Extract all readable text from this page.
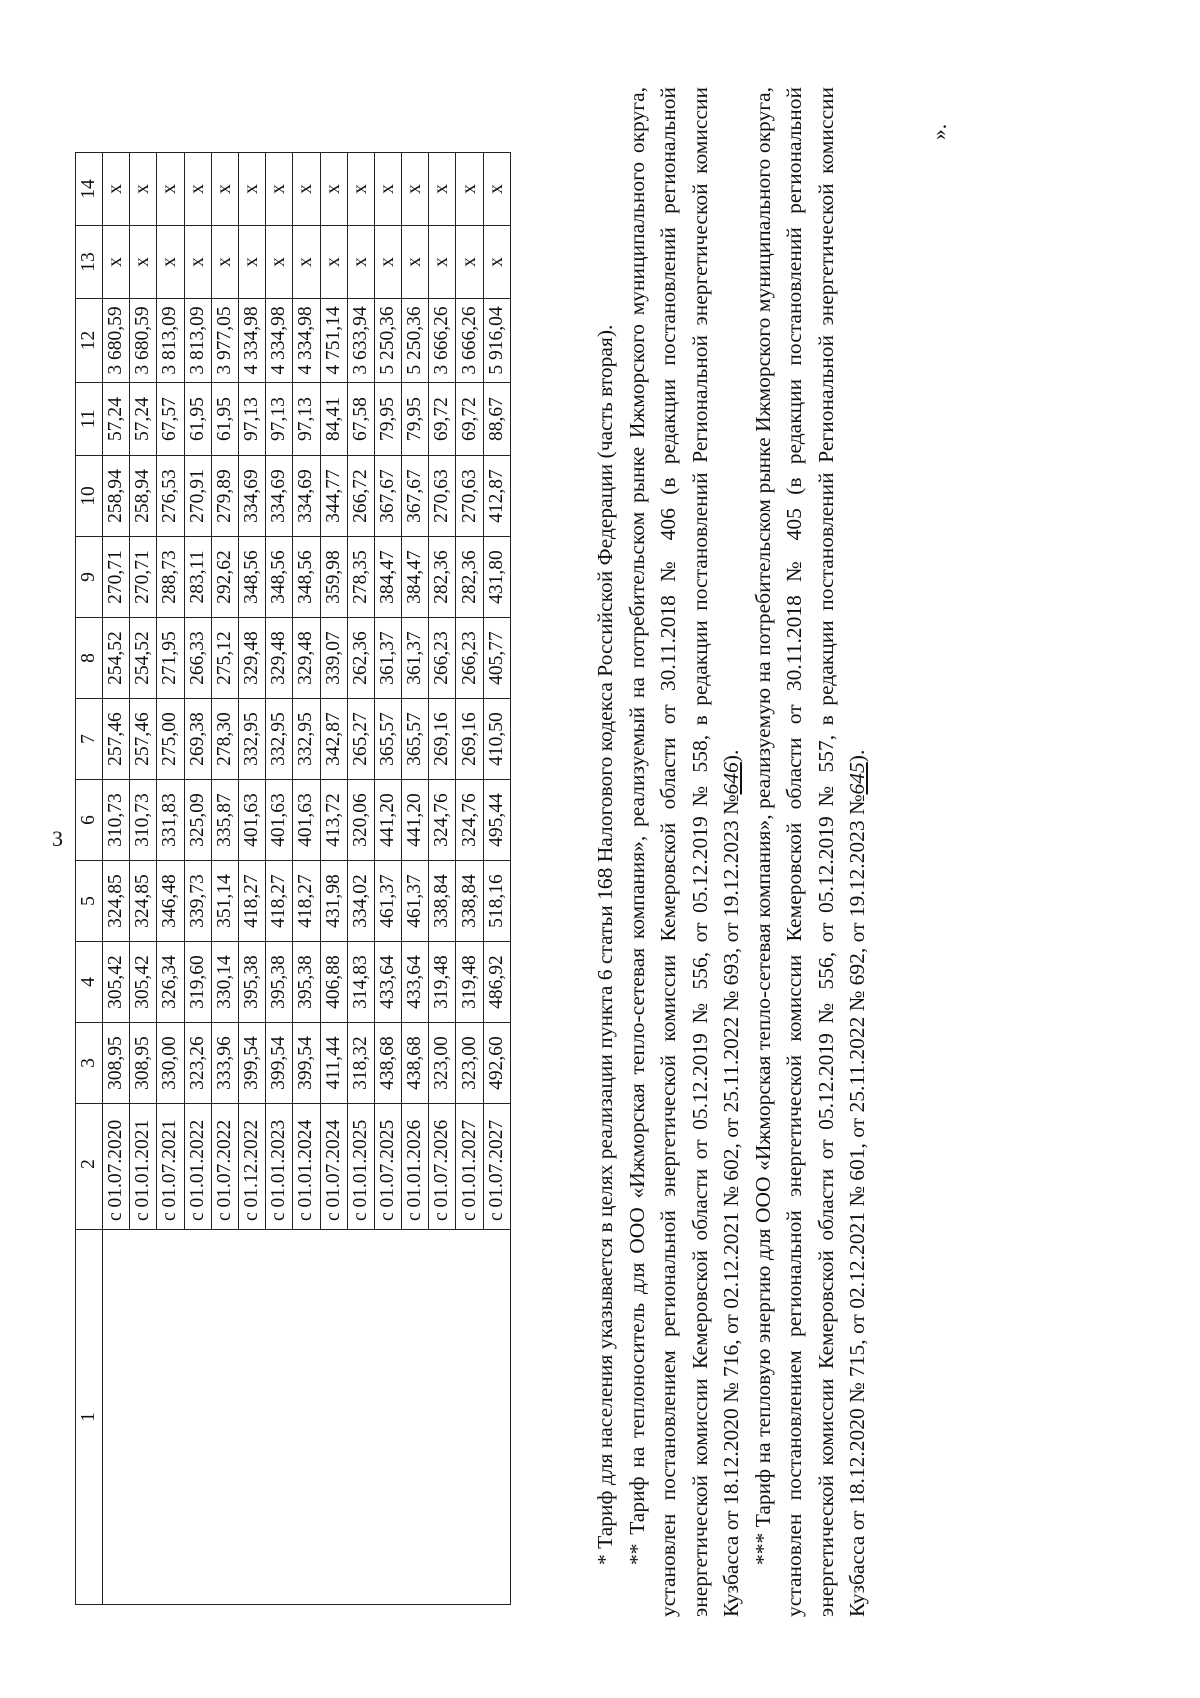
3
1	2	3	4	5	6	7	8	9	10	11	12	13	14
	с 01.07.2020	308,95	305,42	324,85	310,73	257,46	254,52	270,71	258,94	57,24	3 680,59	х	х
	с 01.01.2021	308,95	305,42	324,85	310,73	257,46	254,52	270,71	258,94	57,24	3 680,59	х	х
	с 01.07.2021	330,00	326,34	346,48	331,83	275,00	271,95	288,73	276,53	67,57	3 813,09	х	х
	с 01.01.2022	323,26	319,60	339,73	325,09	269,38	266,33	283,11	270,91	61,95	3 813,09	х	х
	с 01.07.2022	333,96	330,14	351,14	335,87	278,30	275,12	292,62	279,89	61,95	3 977,05	х	х
	с 01.12.2022	399,54	395,38	418,27	401,63	332,95	329,48	348,56	334,69	97,13	4 334,98	х	х
	с 01.01.2023	399,54	395,38	418,27	401,63	332,95	329,48	348,56	334,69	97,13	4 334,98	х	х
	с 01.01.2024	399,54	395,38	418,27	401,63	332,95	329,48	348,56	334,69	97,13	4 334,98	х	х
	с 01.07.2024	411,44	406,88	431,98	413,72	342,87	339,07	359,98	344,77	84,41	4 751,14	х	х
	с 01.01.2025	318,32	314,83	334,02	320,06	265,27	262,36	278,35	266,72	67,58	3 633,94	х	х
	с 01.07.2025	438,68	433,64	461,37	441,20	365,57	361,37	384,47	367,67	79,95	5 250,36	х	х
	с 01.01.2026	438,68	433,64	461,37	441,20	365,57	361,37	384,47	367,67	79,95	5 250,36	х	х
	с 01.07.2026	323,00	319,48	338,84	324,76	269,16	266,23	282,36	270,63	69,72	3 666,26	х	х
	с 01.01.2027	323,00	319,48	338,84	324,76	269,16	266,23	282,36	270,63	69,72	3 666,26	х	х
	с 01.07.2027	492,60	486,92	518,16	495,44	410,50	405,77	431,80	412,87	88,67	5 916,04	х	х

* Тариф для населения указывается в целях реализации пункта 6 статьи 168 Налогового кодекса Российской Федерации (часть вторая). ** Тариф на теплоноситель для ООО «Ижморская тепло-сетевая компания», реализуемый на потребительском рынке Ижморского муниципального округа, установлен постановлением региональной энергетической комиссии Кемеровской области от 30.11.2018 № 406 (в редакции постановлений региональной энергетической комиссии Кемеровской области от 05.12.2019 № 556, от 05.12.2019 № 558, в редакции постановлений Региональной энергетической комиссии Кузбасса от 18.12.2020 № 716, от 02.12.2021 № 602, от 25.11.2022 № 693, от 19.12.2023 №646). *** Тариф на тепловую энергию для ООО «Ижморская тепло-сетевая компания», реализуемую на потребительском рынке Ижморского муниципального округа, установлен постановлением региональной энергетической комиссии Кемеровской области от 30.11.2018 № 405 (в редакции постановлений региональной энергетической комиссии Кемеровской области от 05.12.2019 № 556, от 05.12.2019 № 557, в редакции постановлений Региональной энергетической комиссии Кузбасса от 18.12.2020 № 715, от 02.12.2021 № 601, от 25.11.2022 № 692, от 19.12.2023 №645).

».
